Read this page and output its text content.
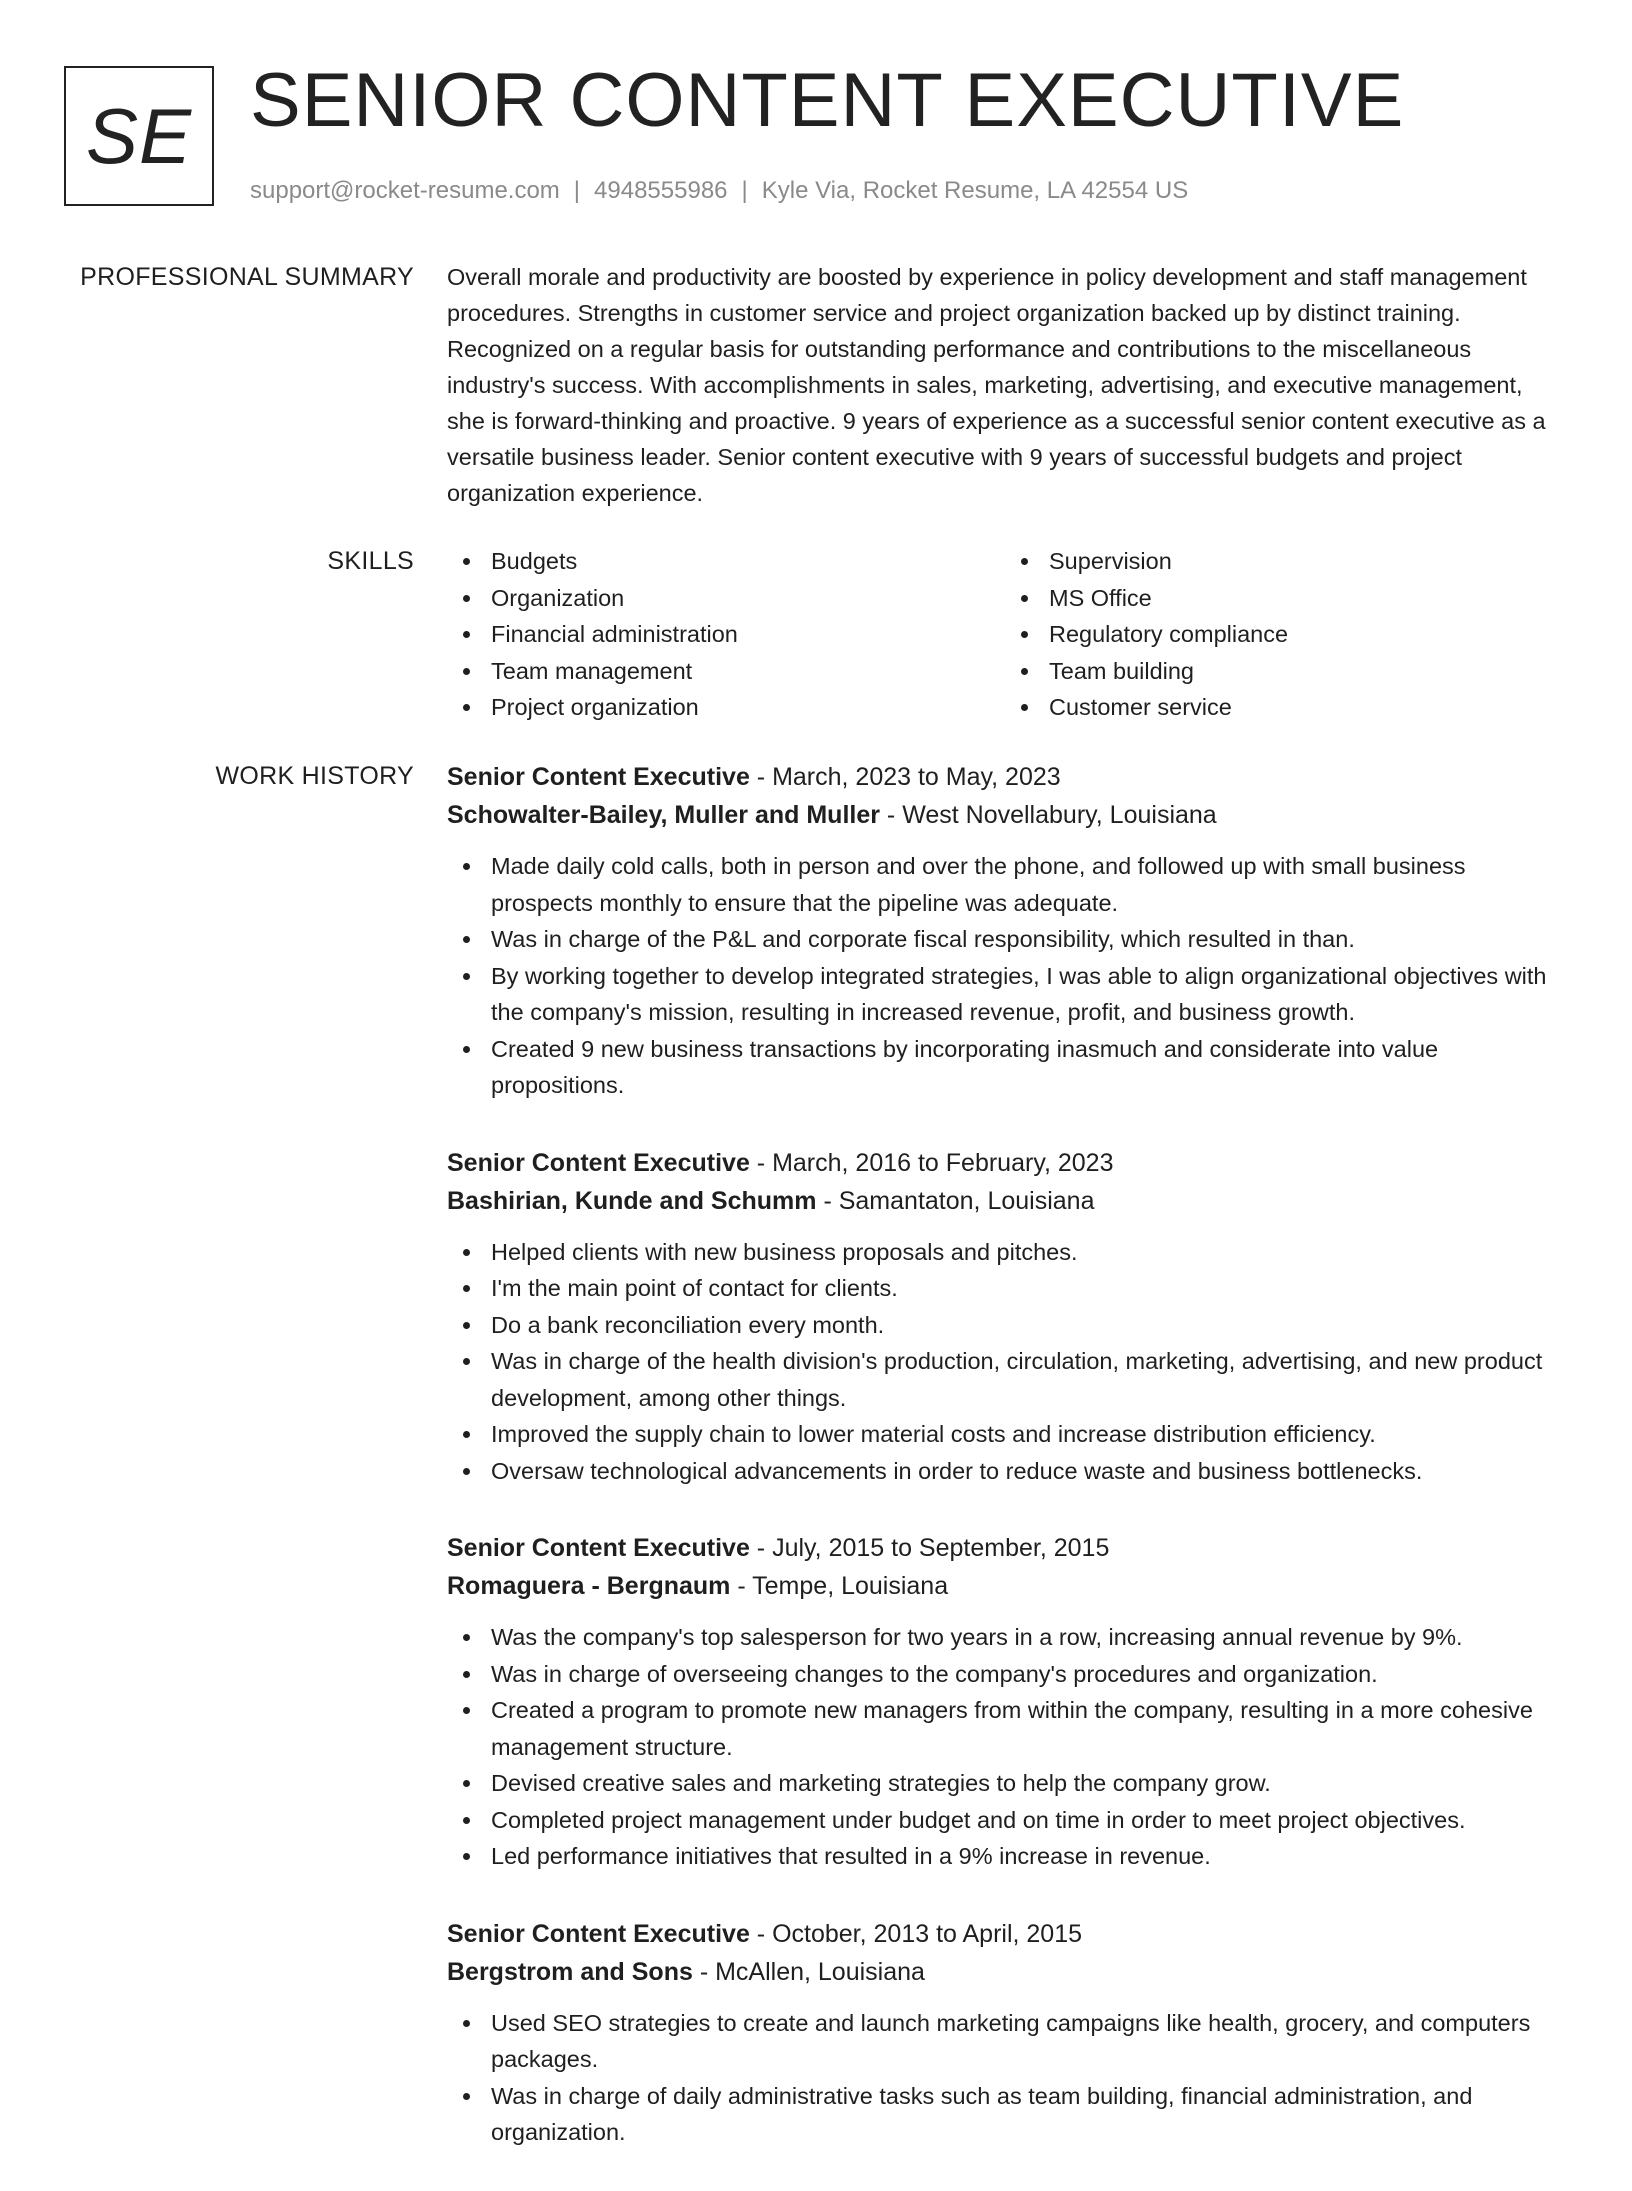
SE SENIOR CONTENT EXECUTIVE
support@rocket-resume.com | 4948555986 | Kyle Via, Rocket Resume, LA 42554 US
PROFESSIONAL SUMMARY Overall morale and productivity are boosted by experience in policy development and staff management procedures. Strengths in customer service and project organization backed up by distinct training. Recognized on a regular basis for outstanding performance and contributions to the miscellaneous industry's success. With accomplishments in sales, marketing, advertising, and executive management, she is forward-thinking and proactive. 9 years of experience as a successful senior content executive as a versatile business leader. Senior content executive with 9 years of successful budgets and project organization experience.

SKILLS	Budgets
Organization
Financial administration
Team management
Project organization
Supervision
MS Office
Regulatory compliance
Team building
Customer service
WORK HISTORY Senior Content Executive - March, 2023 to May, 2023
Schowalter-Bailey, Muller and Muller - West Novellabury, Louisiana
Made daily cold calls, both in person and over the phone, and followed up with small business prospects monthly to ensure that the pipeline was adequate.
Was in charge of the P&L and corporate fiscal responsibility, which resulted in than.
By working together to develop integrated strategies, I was able to align organizational objectives with the company's mission, resulting in increased revenue, profit, and business growth.
Created 9 new business transactions by incorporating inasmuch and considerate into value propositions.
Senior Content Executive - March, 2016 to February, 2023
Bashirian, Kunde and Schumm - Samantaton, Louisiana
Helped clients with new business proposals and pitches.
I'm the main point of contact for clients.
Do a bank reconciliation every month.
Was in charge of the health division's production, circulation, marketing, advertising, and new product development, among other things.
Improved the supply chain to lower material costs and increase distribution efficiency.
Oversaw technological advancements in order to reduce waste and business bottlenecks.
Senior Content Executive - July, 2015 to September, 2015
Romaguera - Bergnaum - Tempe, Louisiana
Was the company's top salesperson for two years in a row, increasing annual revenue by 9%.
Was in charge of overseeing changes to the company's procedures and organization.
Created a program to promote new managers from within the company, resulting in a more cohesive management structure.
Devised creative sales and marketing strategies to help the company grow.
Completed project management under budget and on time in order to meet project objectives.
Led performance initiatives that resulted in a 9% increase in revenue.
Senior Content Executive - October, 2013 to April, 2015
Bergstrom and Sons - McAllen, Louisiana
Used SEO strategies to create and launch marketing campaigns like health, grocery, and computers packages.
Was in charge of daily administrative tasks such as team building, financial administration, and organization.
